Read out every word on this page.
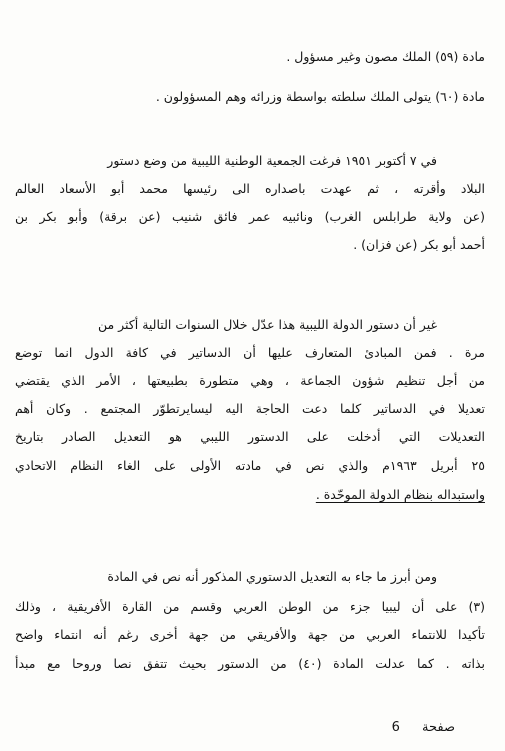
مادة (٥٩) الملك مصون وغير مسؤول .
مادة (٦٠) يتولى الملك سلطته بواسطة وزرائه وهم المسؤولون .
في ٧ أكتوبر ١٩٥١ فرغت الجمعية الوطنية الليبية من وضع دستور
البلاد وأقرته ، ثم عهدت باصداره الى رئيسها محمد أبو الأسعاد العالم
(عن ولاية طرابلس الغرب) ونائبيه عمر فائق شنيب (عن برقة) وأبو بكر بن
أحمد أبو بكر (عن فزان) .
غير أن دستور الدولة الليبية هذا عدّل خلال السنوات التالية أكثر من
مرة . فمن المبادئ المتعارف عليها أن الدساتير في كافة الدول انما توضع
من أجل تنظيم شؤون الجماعة ، وهي متطورة بطبيعتها ، الأمر الذي يقتضي
تعديلا في الدساتير كلما دعت الحاجة اليه ليسايرتطوّر المجتمع . وكان أهم
التعديلات التي أدخلت على الدستور الليبي هو التعديل الصادر بتاريخ
٢٥ أبريل ١٩٦٣م والذي نص في مادته الأولى على الغاء النظام الاتحادي
واستبداله بنظام الدولة الموحّدة .
ومن أبرز ما جاء به التعديل الدستوري المذكور أنه نص في المادة
(٣) على أن ليبيا جزء من الوطن العربي وقسم من القارة الأفريقية ، وذلك
تأكيدا للانتماء العربي من جهة والأفريقي من جهة أخرى رغم أنه انتماء واضح
بذاته . كما عدلت المادة (٤٠) من الدستور بحيث تتفق نصا وروحا مع مبدأ
صفحة 6
